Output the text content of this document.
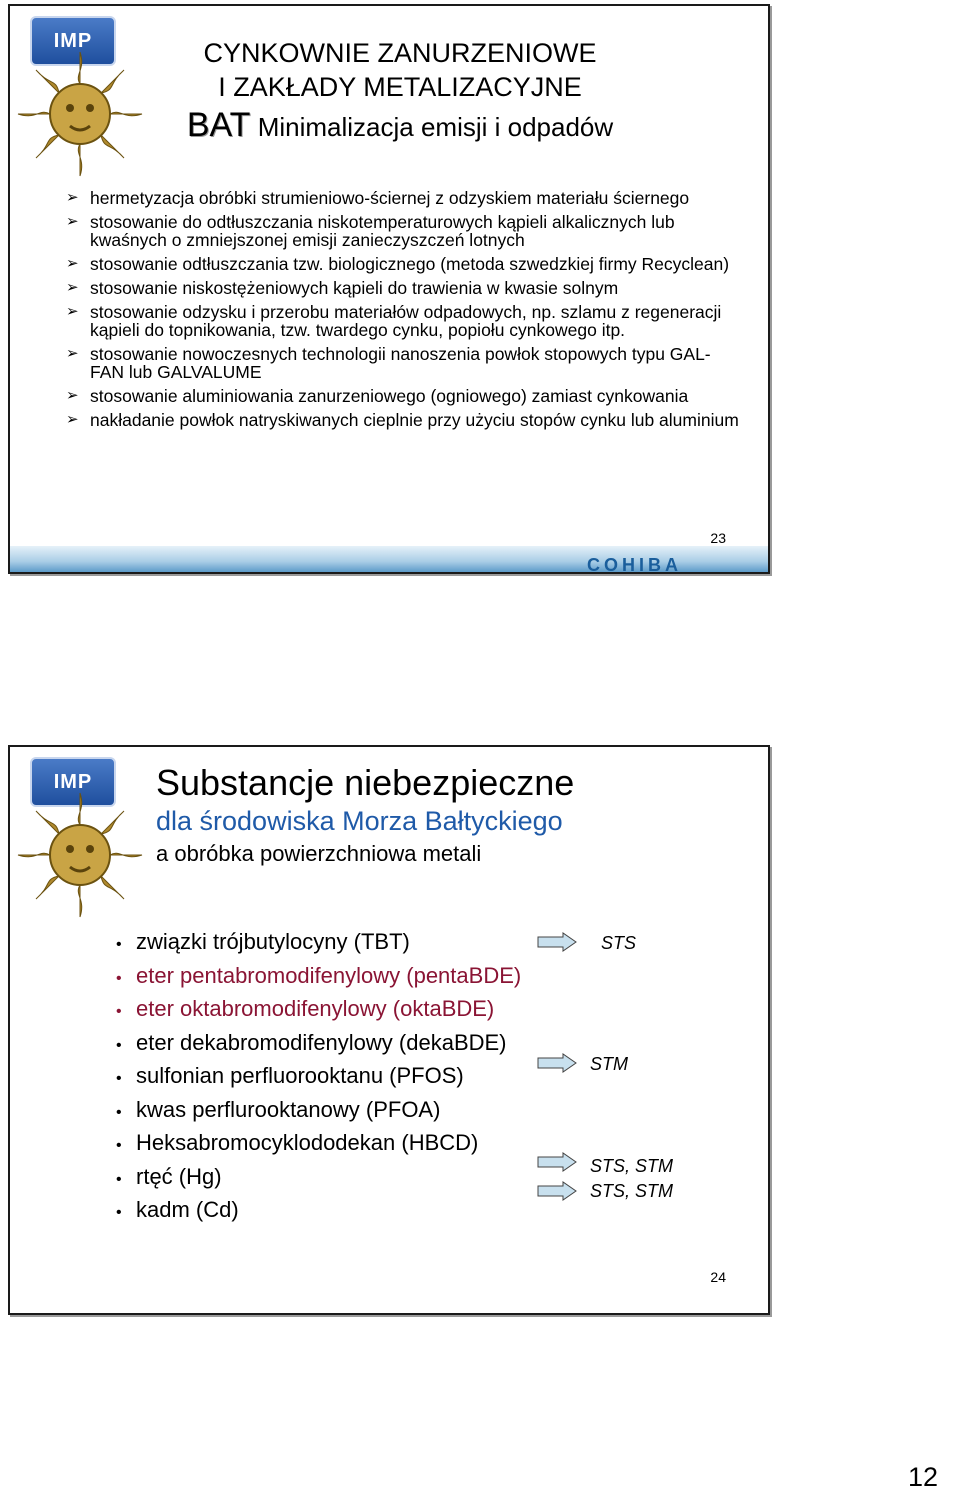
IMP	CYNKOWNIE ZANURZENIOWE
I ZAKŁADY METALIZACYJNE
BAT Minimalizacja emisji i odpadów
➢ hermetyzacja obróbki strumieniowo-ściernej z odzyskiem materiału ściernego
➢ stosowanie do odtłuszczania niskotemperaturowych kąpieli alkalicznych lub kwaśnych o zmniejszonej emisji zanieczyszczeń lotnych
➢ stosowanie odtłuszczania tzw. biologicznego (metoda szwedzkiej firmy Recyclean)
➢ stosowanie niskostężeniowych kąpieli do trawienia w kwasie solnym
➢ stosowanie odzysku i przerobu materiałów odpadowych, np. szlamu z regeneracji kąpieli do topnikowania, tzw. twardego cynku, popiołu cynkowego itp.
➢ stosowanie nowoczesnych technologii nanoszenia powłok stopowych typu GAL- FAN lub GALVALUME
➢ stosowanie aluminiowania zanurzeniowego (ogniowego) zamiast cynkowania
➢ nakładanie powłok natryskiwanych cieplnie przy użyciu stopów cynku lub aluminium
23
COHIBA
IMP	Substancje niebezpieczne
dla środowiska Morza Bałtyckiego
a obróbka powierzchniowa metali
• związki trójbutylocyny (TBT)
• eter pentabromodifenylowy (pentaBDE)
• eter oktabromodifenylowy (oktaBDE)
• eter dekabromodifenylowy (dekaBDE)
• sulfonian perfluorooktanu (PFOS)
• kwas perflurooktanowy (PFOA)
• Heksabromocyklododekan (HBCD)
• rtęć (Hg)
• kadm (Cd)
STS
STM
STS, STM
STS, STM
24
12
